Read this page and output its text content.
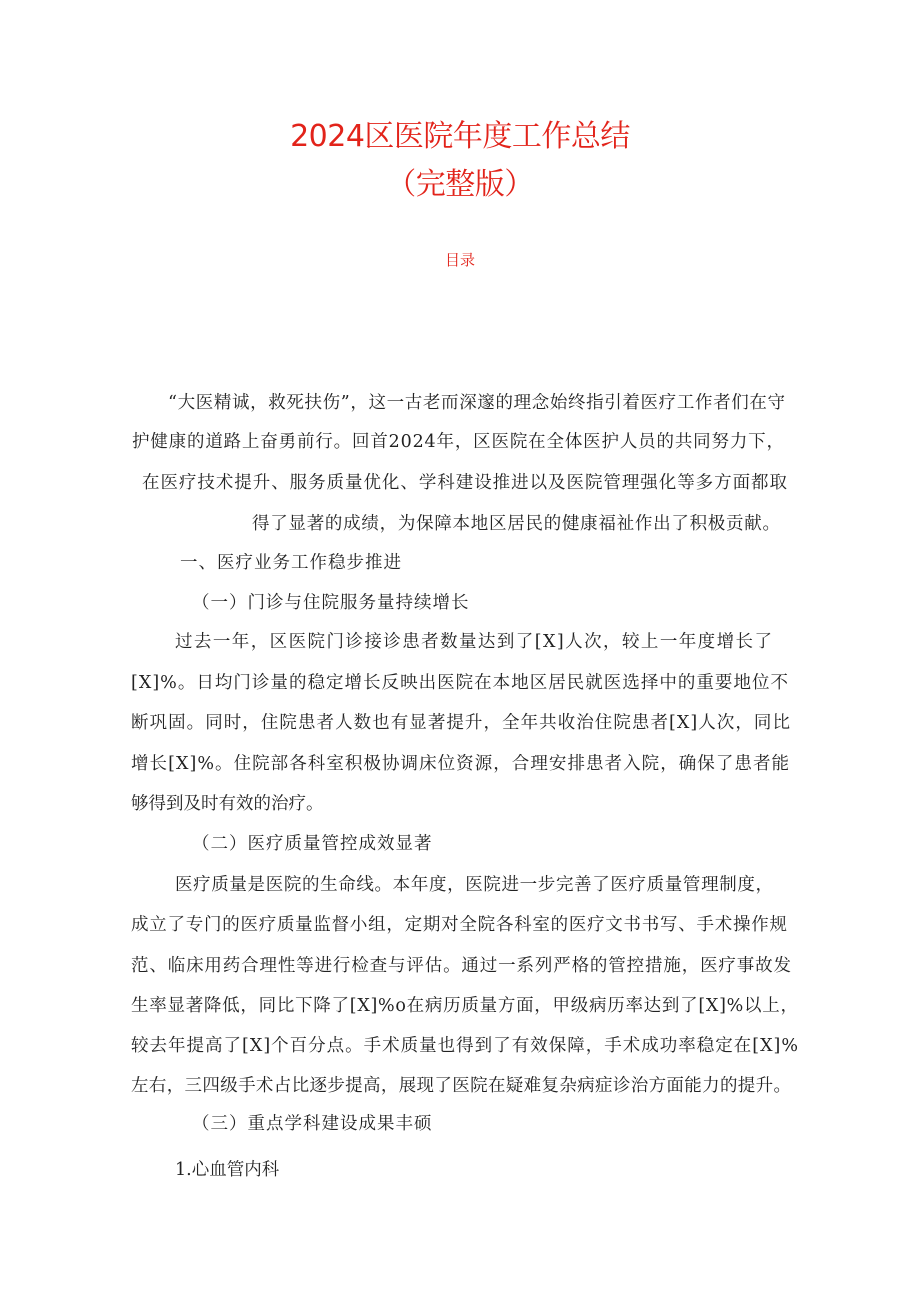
2024区医院年度工作总结
（完整版）
目录
“大医精诚，救死扶伤”，这一古老而深邃的理念始终指引着医疗工作者们在守
护健康的道路上奋勇前行。回首2024年，区医院在全体医护人员的共同努力下，
在医疗技术提升、服务质量优化、学科建设推进以及医院管理强化等多方面都取
得了显著的成绩，为保障本地区居民的健康福祉作出了积极贡献。
一、医疗业务工作稳步推进
（一）门诊与住院服务量持续增长
过去一年，区医院门诊接诊患者数量达到了[X]人次，较上一年度增长了
[X]%。日均门诊量的稳定增长反映出医院在本地区居民就医选择中的重要地位不
断巩固。同时，住院患者人数也有显著提升，全年共收治住院患者[X]人次，同比
增长[X]%。住院部各科室积极协调床位资源，合理安排患者入院，确保了患者能
够得到及时有效的治疗。
（二）医疗质量管控成效显著
医疗质量是医院的生命线。本年度，医院进一步完善了医疗质量管理制度，
成立了专门的医疗质量监督小组，定期对全院各科室的医疗文书书写、手术操作规
范、临床用药合理性等进行检查与评估。通过一系列严格的管控措施，医疗事故发
生率显著降低，同比下降了[X]%o在病历质量方面，甲级病历率达到了[X]%以上，
较去年提高了[X]个百分点。手术质量也得到了有效保障，手术成功率稳定在[X]%
左右，三四级手术占比逐步提高，展现了医院在疑难复杂病症诊治方面能力的提升。
（三）重点学科建设成果丰硕
1.心血管内科
